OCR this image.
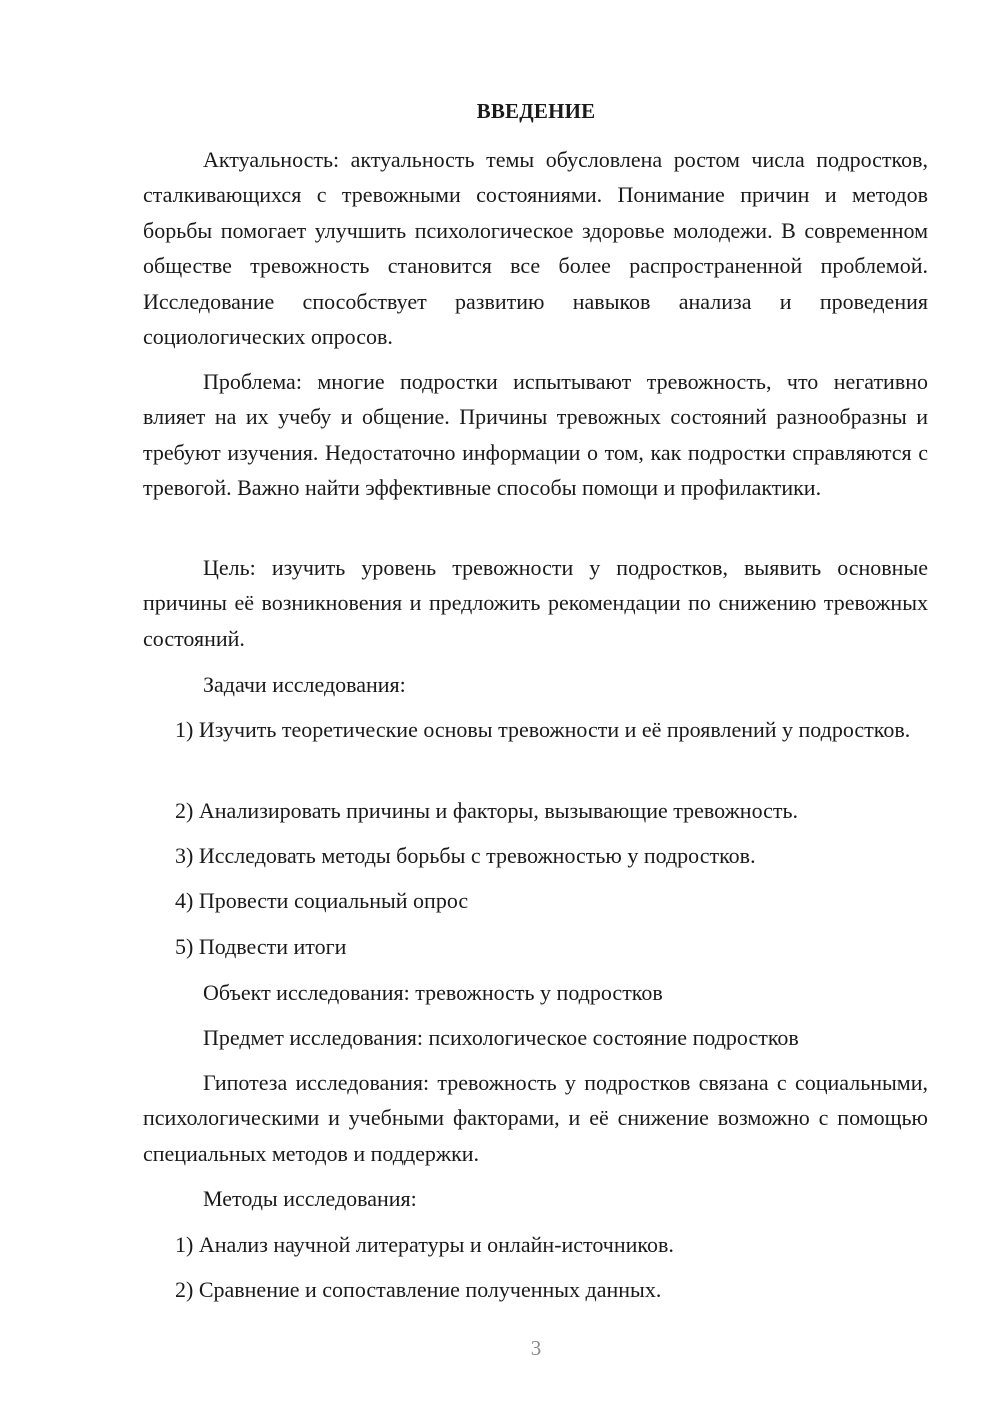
ВВЕДЕНИЕ

Актуальность: актуальность темы обусловлена ростом числа подростков, сталкивающихся с тревожными состояниями. Понимание причин и методов борьбы помогает улучшить психологическое здоровье молодежи. В современном обществе тревожность становится все более распространенной проблемой. Исследование способствует развитию навыков анализа и проведения социологических опросов.

Проблема: многие подростки испытывают тревожность, что негативно влияет на их учебу и общение. Причины тревожных состояний разнообразны и требуют изучения. Недостаточно информации о том, как подростки справляются с тревогой. Важно найти эффективные способы помощи и профилактики.

Цель: изучить уровень тревожности у подростков, выявить основные причины её возникновения и предложить рекомендации по снижению тревожных состояний.

Задачи исследования:

1) Изучить теоретические основы тревожности и её проявлений у подростков.

2) Анализировать причины и факторы, вызывающие тревожность.

3) Исследовать методы борьбы с тревожностью у подростков.

4) Провести социальный опрос

5) Подвести итоги

Объект исследования: тревожность у подростков

Предмет исследования: психологическое состояние подростков

Гипотеза исследования: тревожность у подростков связана с социальными, психологическими и учебными факторами, и её снижение возможно с помощью специальных методов и поддержки.

Методы исследования:

1) Анализ научной литературы и онлайн-источников.

2) Сравнение и сопоставление полученных данных.

3
